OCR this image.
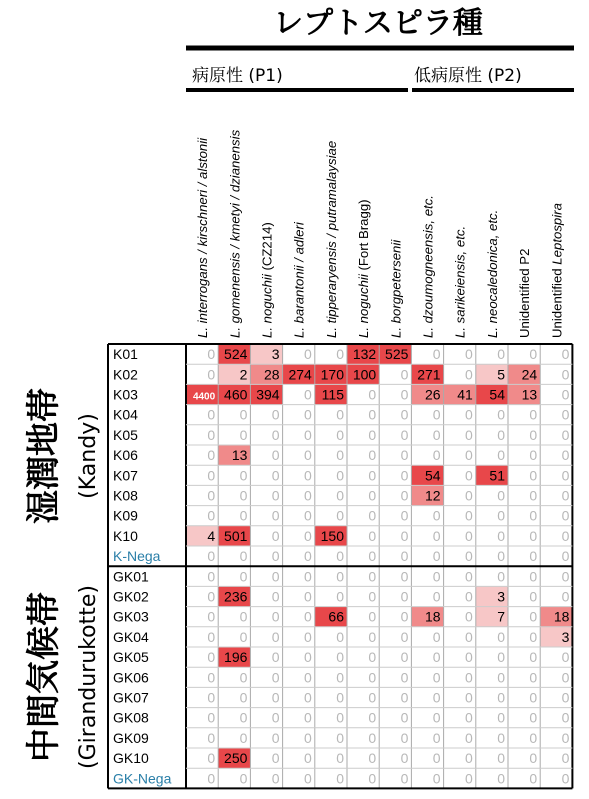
レプトスピラ種
病原性 (P1)	低病原性 (P2)
湿潤地帯 (Kandy)
中間気候帯 (Girandurukotte)
L. interrogans / kirschneri / alstonii L. gomenensis / kmetyi / dzianensis L. noguchii (CZ214) L. barantonii / adleri L. tipperaryensis / putramalaysiae L. noguchii (Fort Bragg)
L. borgpetersenii L. dzoumogneensis, etc. L. sarikeiensis, etc. L. neocaledonica, etc. Unidentified P2 Unidentified Leptospira
K01
K02
K03
K04
K05
K06
K07
K08
K09
K10
K-Nega
GK01
GK02
GK03
GK04
GK05
GK06
GK07
GK08
GK09
GK10
GK-Nega
0 524 3 0 0 132 525 0 0 0 0 0
0 2 28 274 170 100 0 271 0 5 24 0
4400 460 394 0 115 0 0 26 41 54 13 0
0 0 0 0 0 0 0 0 0 0 0 0
0 0 0 0 0 0 0 0 0 0 0 0
0 13 0 0 0 0 0 0 0 0 0 0
0 0 0 0 0 0 0 54 0 51 0 0
0 0 0 0 0 0 0 12 0 0 0 0
0 0 0 0 0 0 0 0 0 0 0 0
4 501 0 0 150 0 0 0 0 0 0 0
0 0 0 0 0 0 0 0 0 0 0 0
0 0 0 0 0 0 0 0 0 0 0 0
0 236 0 0 0 0 0 0 0 3 0 0
0 0 0 0 66 0 0 18 0 7 0 18
0 0 0 0 0 0 0 0 0 0 0 3
0 196 0 0 0 0 0 0 0 0 0 0
0 0 0 0 0 0 0 0 0 0 0 0
0 0 0 0 0 0 0 0 0 0 0 0
0 0 0 0 0 0 0 0 0 0 0 0
0 0 0 0 0 0 0 0 0 0 0 0
0 250 0 0 0 0 0 0 0 0 0 0
0 0 0 0 0 0 0 0 0 0 0 0
